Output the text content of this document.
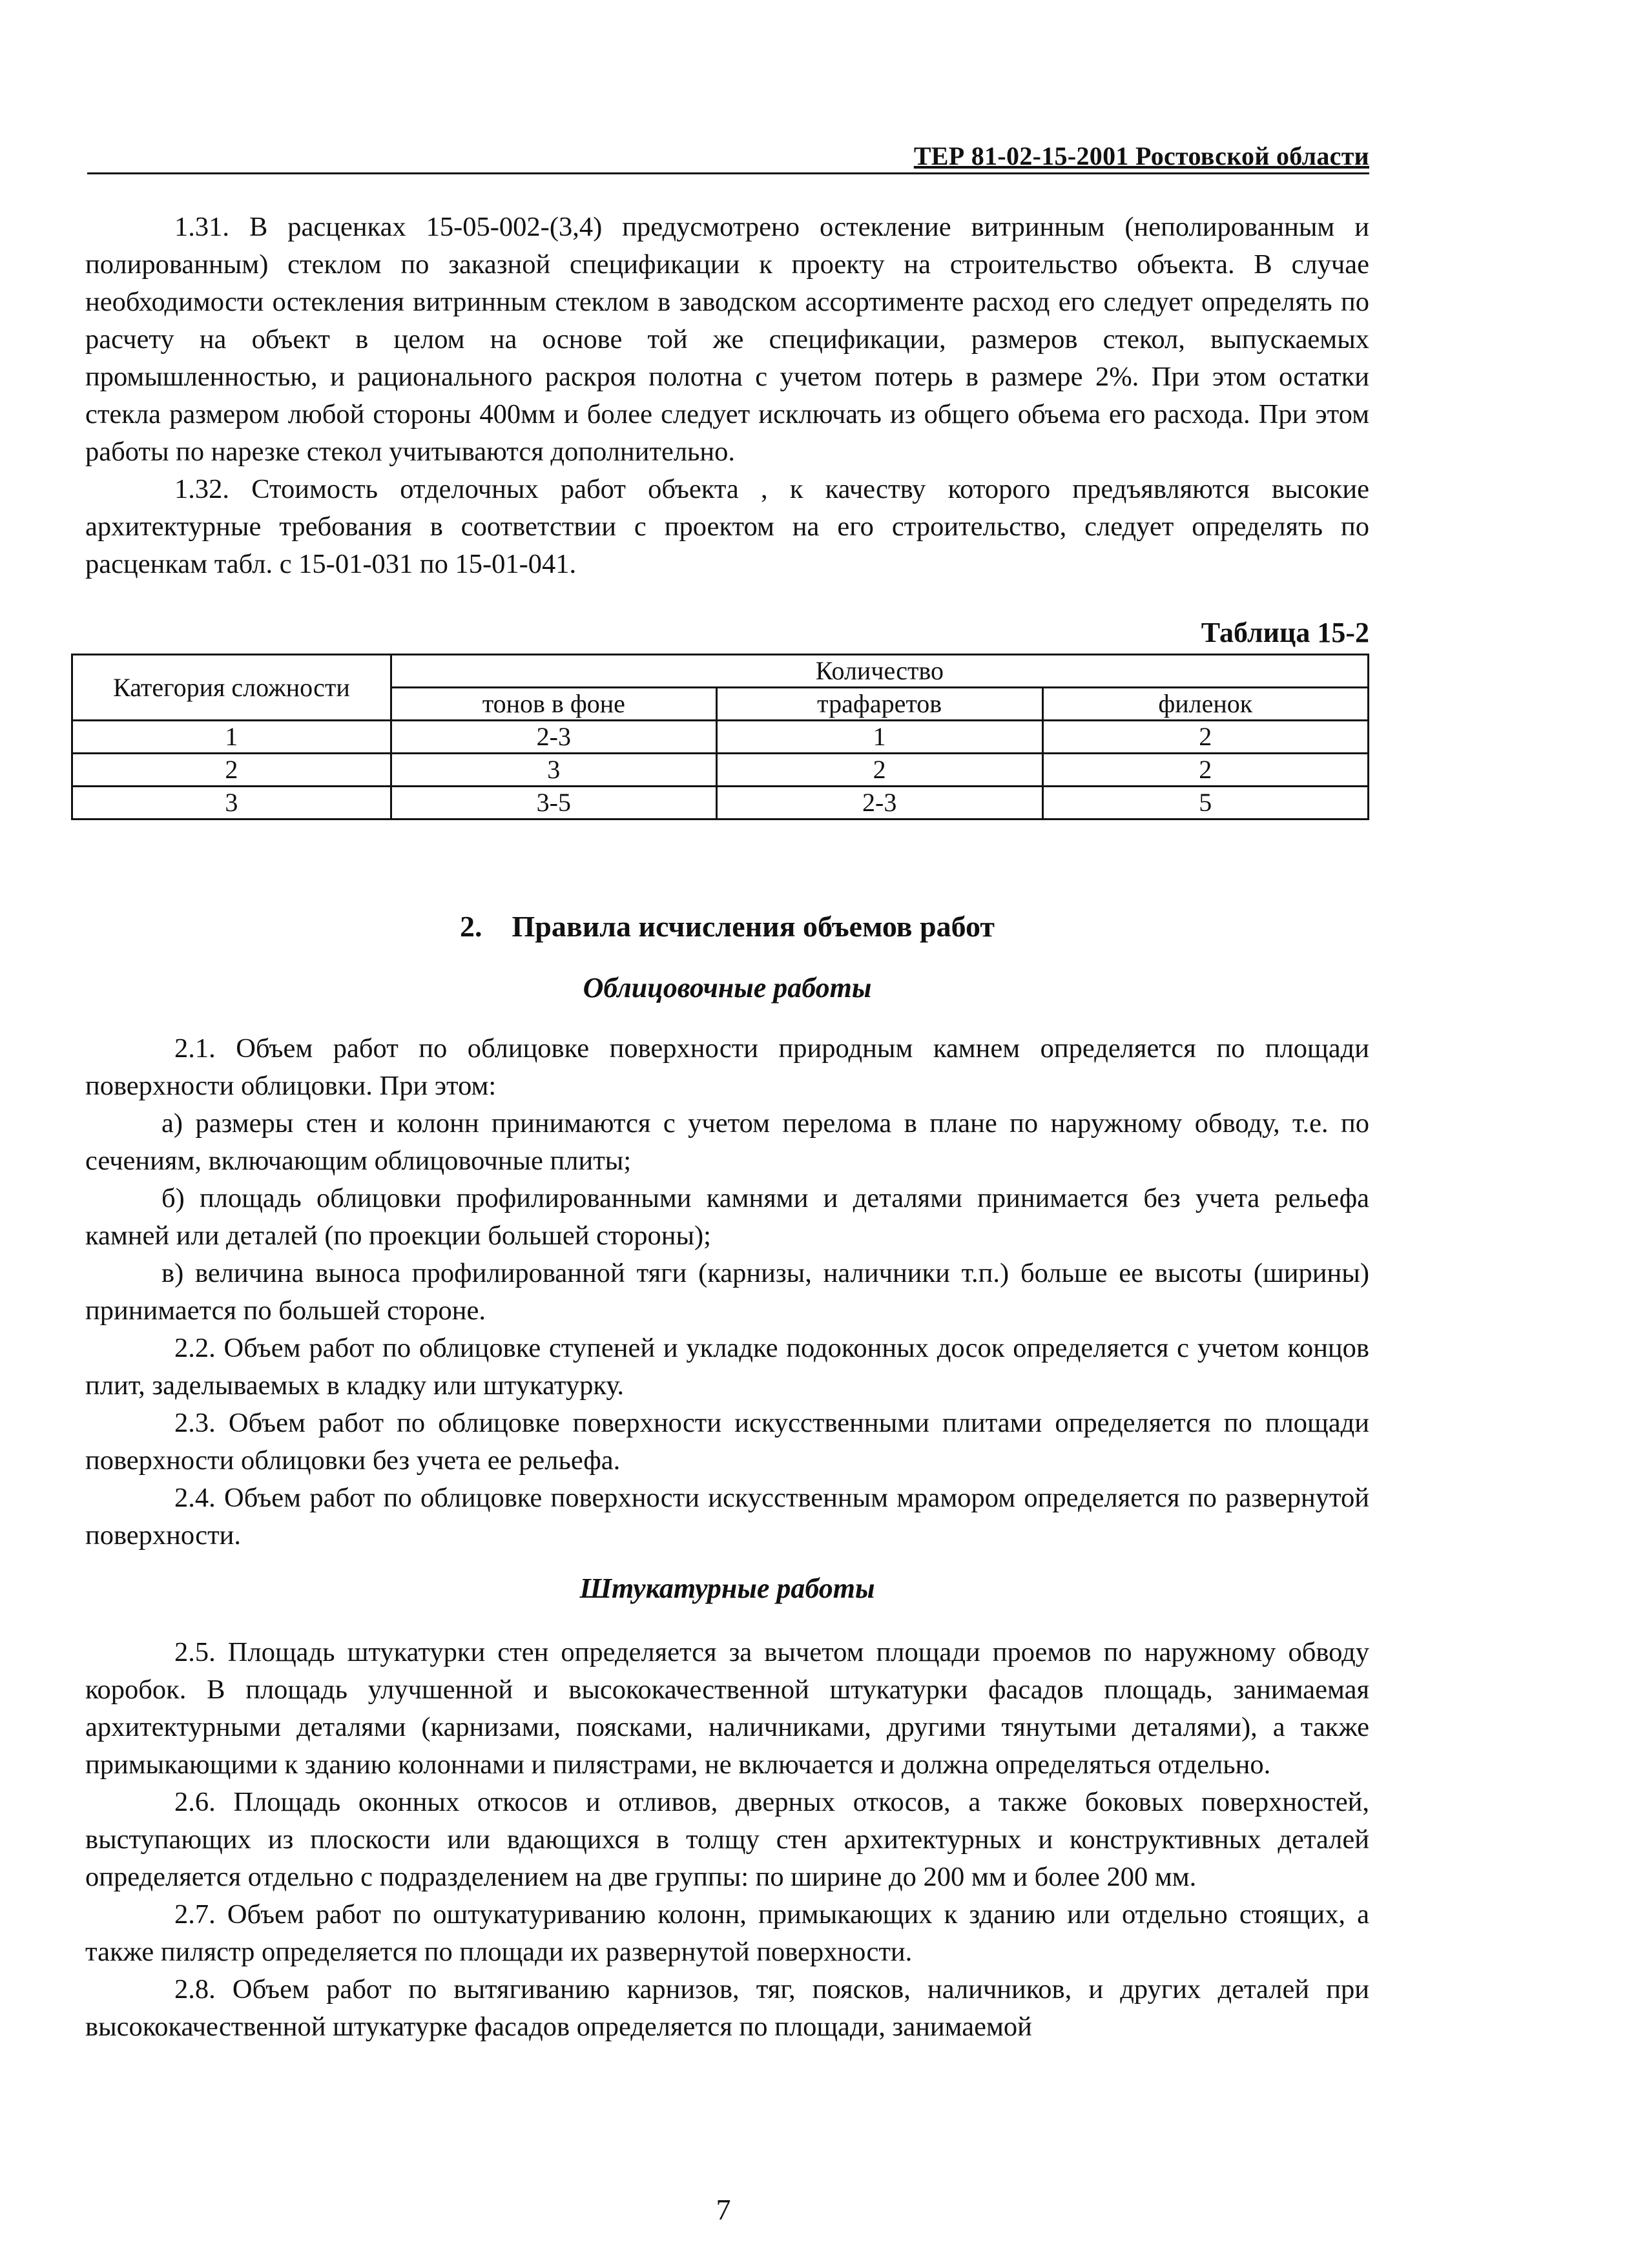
ТЕР 81-02-15-2001 Ростовской области

1.31. В расценках 15-05-002-(3,4) предусмотрено остекление витринным (неполированным и полированным) стеклом по заказной спецификации к проекту на строительство объекта. В случае необходимости остекления витринным стеклом в заводском ассортименте расход его следует определять по расчету на объект в целом на основе той же спецификации, размеров стекол, выпускаемых промышленностью, и рационального раскроя полотна с учетом потерь в размере 2%. При этом остатки стекла размером любой стороны 400мм и более следует исключать из общего объема его расхода. При этом работы по нарезке стекол учитываются дополнительно.

1.32. Стоимость отделочных работ объекта , к качеству которого предъявляются высокие архитектурные требования в соответствии с проектом на его строительство, следует определять по расценкам табл. с 15-01-031 по 15-01-041.

Таблица 15-2
Категория сложности	Количество		
	тонов в фоне	трафаретов	филенок
1	2-3	1	2
2	3	2	2
3	3-5	2-3	5
2.    Правила исчисления объемов работ
Облицовочные работы

2.1. Объем работ по облицовке поверхности природным камнем определяется по площади поверхности облицовки. При этом:

а) размеры стен и колонн принимаются с учетом перелома в плане по наружному обводу, т.е. по сечениям, включающим облицовочные плиты;

б) площадь облицовки профилированными камнями и деталями принимается без учета рельефа камней или деталей (по проекции большей стороны);

в) величина выноса профилированной тяги (карнизы, наличники т.п.) больше ее высоты (ширины) принимается по большей стороне.

2.2. Объем работ по облицовке ступеней и укладке подоконных досок определяется с учетом концов плит, заделываемых в кладку или штукатурку.

2.3. Объем работ по облицовке поверхности искусственными плитами определяется по площади поверхности облицовки без учета ее рельефа.

2.4. Объем работ по облицовке поверхности искусственным мрамором определяется по развернутой поверхности.

Штукатурные работы

2.5. Площадь штукатурки стен определяется за вычетом площади проемов по наружному обводу коробок. В площадь улучшенной и высококачественной штукатурки фасадов площадь, занимаемая архитектурными деталями (карнизами, поясками, наличниками, другими тянутыми деталями), а также примыкающими к зданию колоннами и пилястрами, не включается и должна определяться отдельно.

2.6. Площадь оконных откосов и отливов, дверных откосов, а также боковых поверхностей, выступающих из плоскости или вдающихся в толщу стен архитектурных и конструктивных деталей определяется отдельно с подразделением на две группы: по ширине до 200 мм и более 200 мм.

2.7. Объем работ по оштукатуриванию колонн, примыкающих к зданию или отдельно стоящих, а также пилястр определяется по площади их развернутой поверхности.

2.8. Объем работ по вытягиванию карнизов, тяг, поясков, наличников, и других деталей при высококачественной штукатурке фасадов определяется по площади, занимаемой

7
